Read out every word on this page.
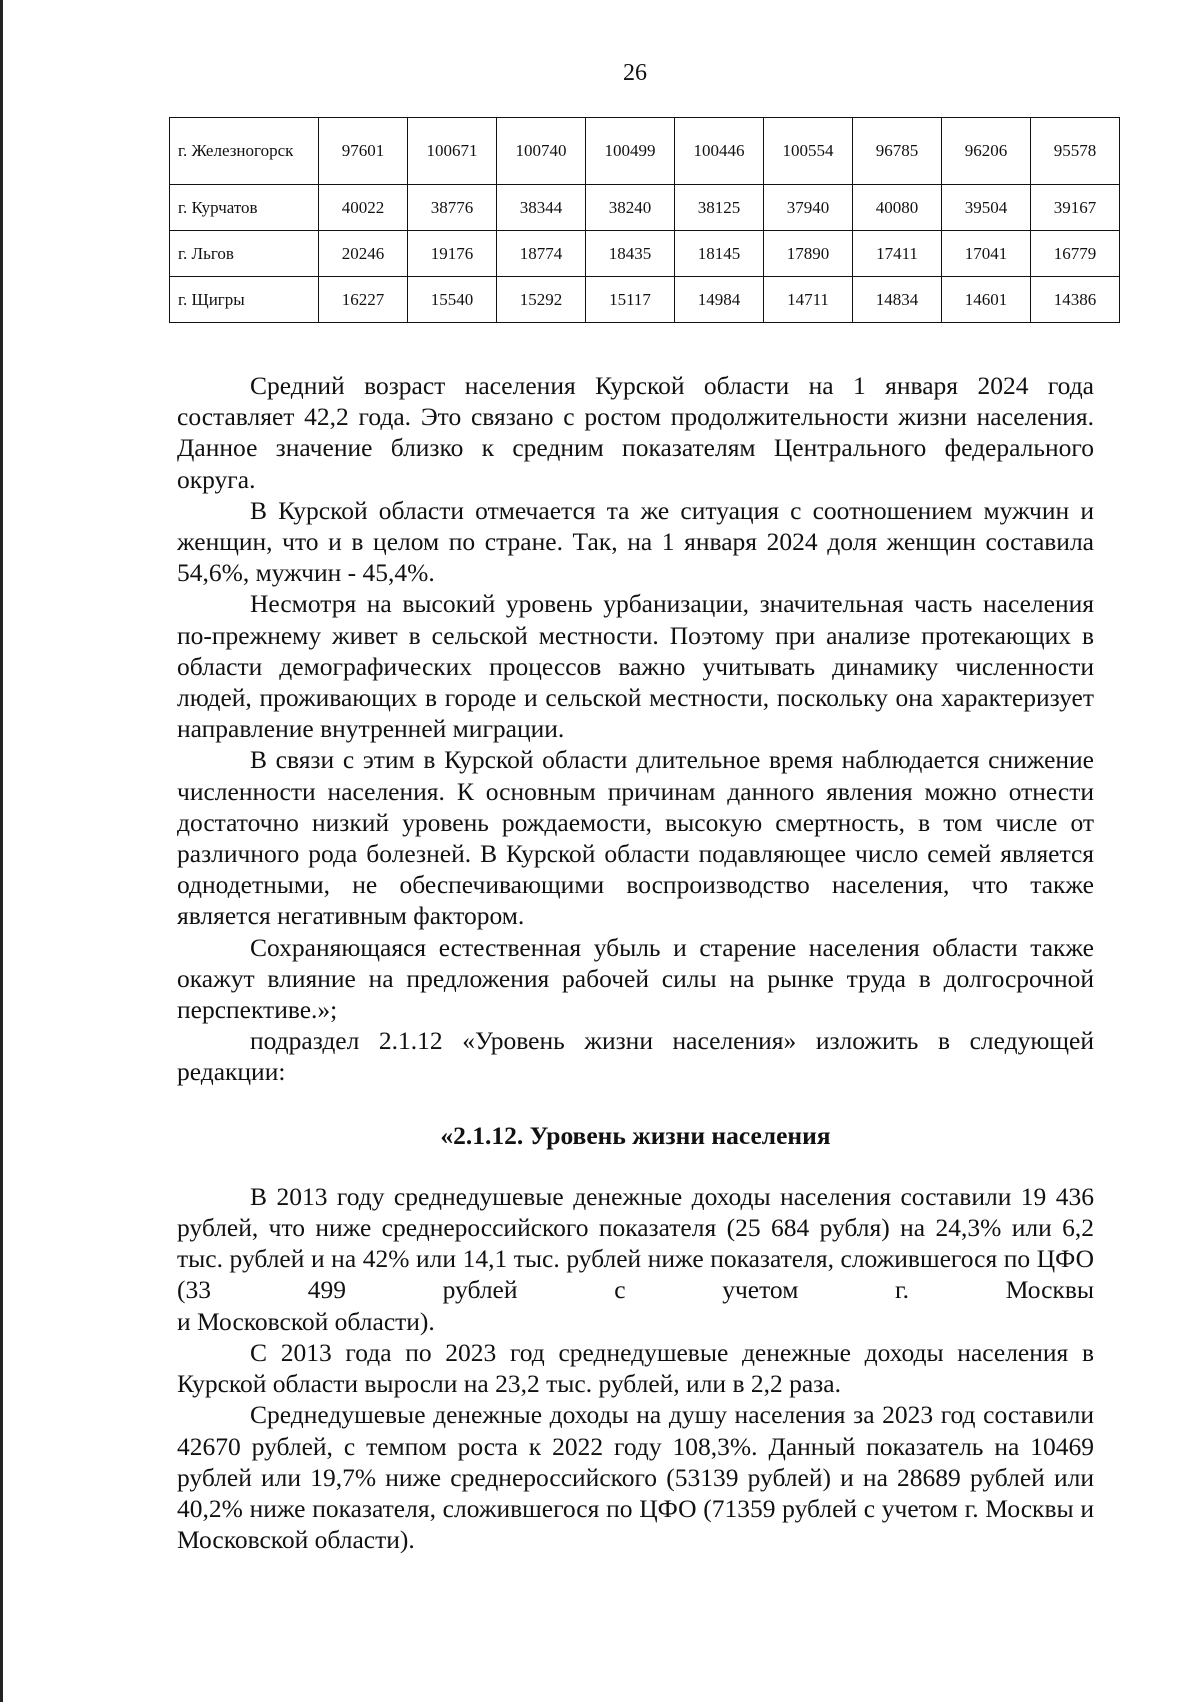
26
г. Железногорск	97601	100671	100740	100499	100446	100554	96785	96206	95578
г. Курчатов	40022	38776	38344	38240	38125	37940	40080	39504	39167
г. Льгов	20246	19176	18774	18435	18145	17890	17411	17041	16779
г. Щигры	16227	15540	15292	15117	14984	14711	14834	14601	14386

Средний возраст населения Курской области на 1 января 2024 года составляет 42,2 года. Это связано с ростом продолжительности жизни населения. Данное значение близко к средним показателям Центрального федерального округа.

В Курской области отмечается та же ситуация с соотношением мужчин и женщин, что и в целом по стране. Так, на 1 января 2024 доля женщин составила 54,6%, мужчин - 45,4%.

Несмотря на высокий уровень урбанизации, значительная часть населения по-прежнему живет в сельской местности. Поэтому при анализе протекающих в области демографических процессов важно учитывать динамику численности людей, проживающих в городе и сельской местности, поскольку она характеризует направление внутренней миграции.

В связи с этим в Курской области длительное время наблюдается снижение численности населения. К основным причинам данного явления можно отнести достаточно низкий уровень рождаемости, высокую смертность, в том числе от различного рода болезней. В Курской области подавляющее число семей является однодетными, не обеспечивающими воспроизводство населения, что также является негативным фактором.

Сохраняющаяся естественная убыль и старение населения области также окажут влияние на предложения рабочей силы на рынке труда в долгосрочной перспективе.»;

подраздел 2.1.12 «Уровень жизни населения» изложить в следующей редакции:

«2.1.12. Уровень жизни населения

В 2013 году среднедушевые денежные доходы населения составили 19 436 рублей, что ниже среднероссийского показателя (25 684 рубля) на 24,3% или 6,2 тыс. рублей и на 42% или 14,1 тыс. рублей ниже показателя, сложившегося по ЦФО (33 499 рублей с учетом г. Москвы

и Московской области).

С 2013 года по 2023 год среднедушевые денежные доходы населения в Курской области выросли на 23,2 тыс. рублей, или в 2,2 раза.

Среднедушевые денежные доходы на душу населения за 2023 год составили 42670 рублей, с темпом роста к 2022 году 108,3%. Данный показатель на 10469 рублей или 19,7% ниже среднероссийского (53139 рублей) и на 28689 рублей или 40,2% ниже показателя, сложившегося по ЦФО (71359 рублей с учетом г. Москвы и Московской области).
